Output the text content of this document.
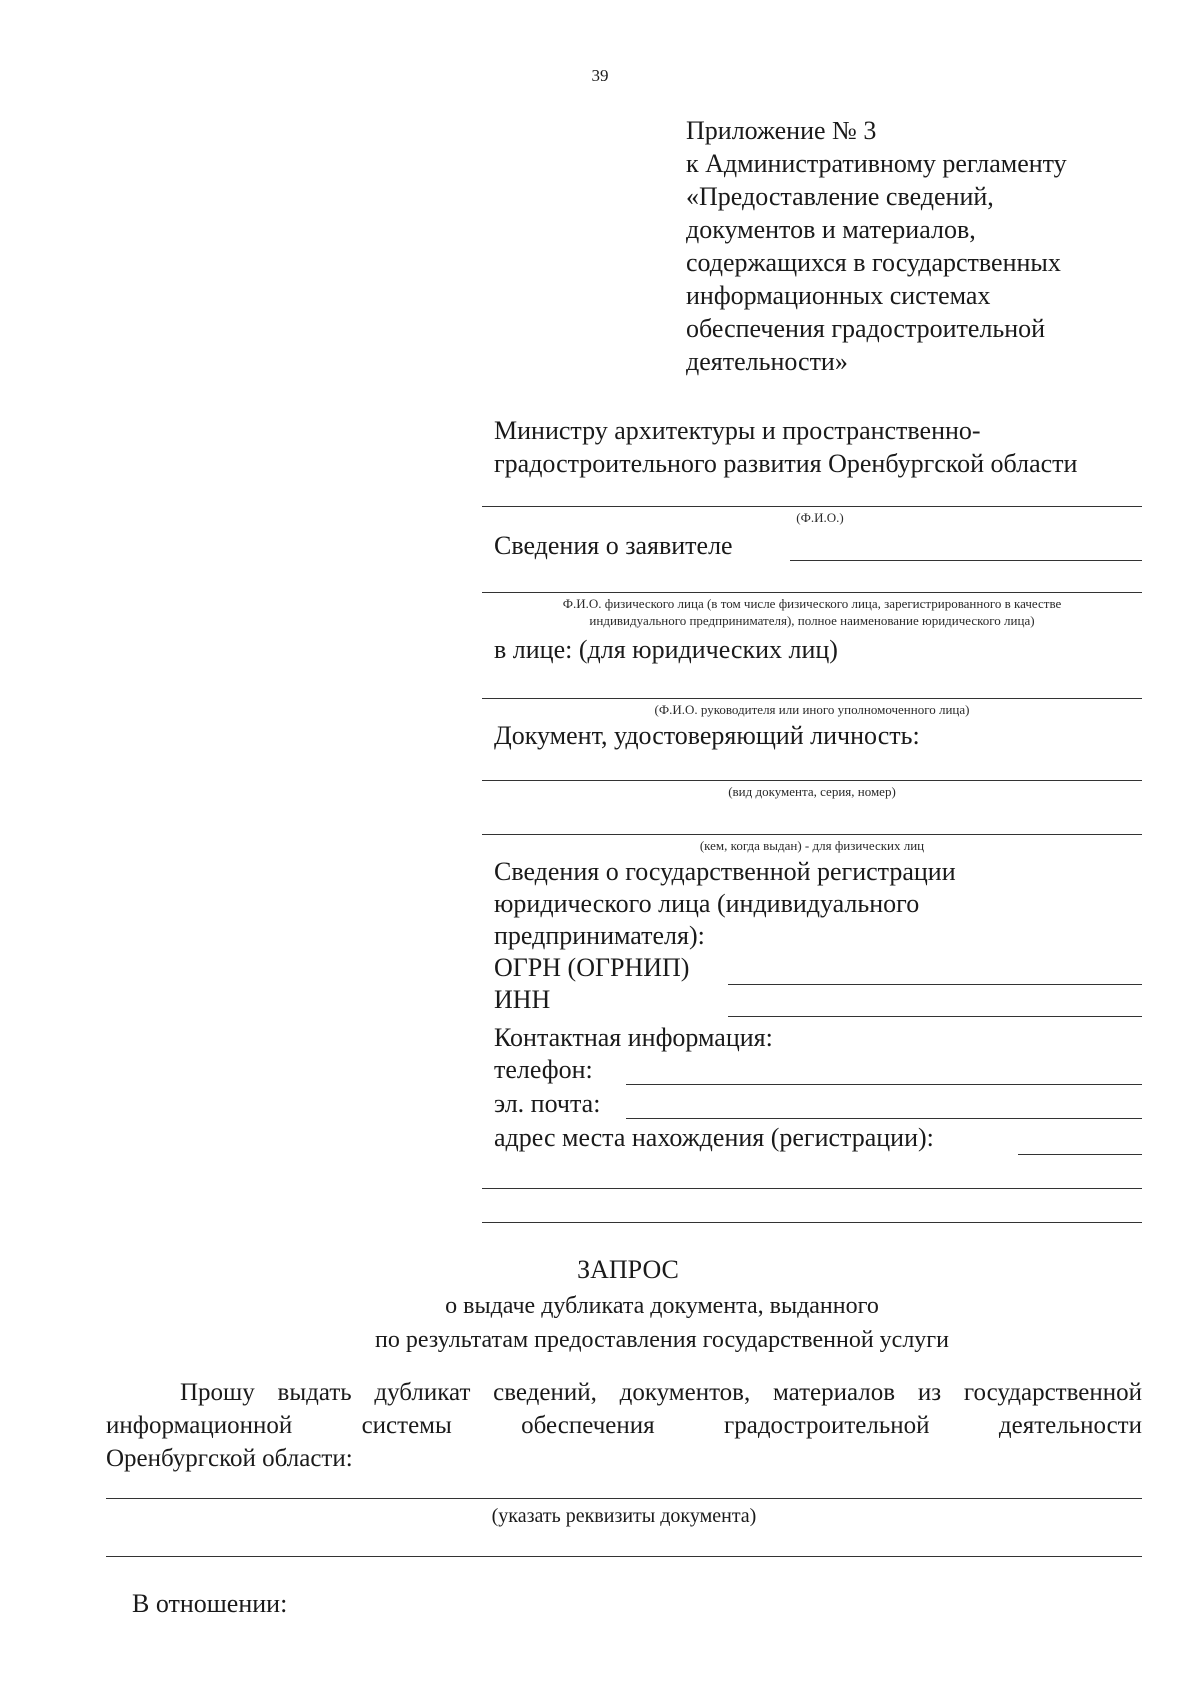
39
Приложение № 3
к Административному регламенту
«Предоставление сведений,
документов и материалов,
содержащихся в государственных
информационных системах
обеспечения градостроительной
деятельности»
Министру архитектуры и пространственно-
градостроительного развития Оренбургской области
(Ф.И.О.)
Сведения о заявителе
Ф.И.О. физического лица (в том числе физического лица, зарегистрированного в качестве
индивидуального предпринимателя), полное наименование юридического лица)
в лице: (для юридических лиц)
(Ф.И.О. руководителя или иного уполномоченного лица)
Документ, удостоверяющий личность:
(вид документа, серия, номер)
(кем, когда выдан) - для физических лиц
Сведения о государственной регистрации
юридического лица (индивидуального
предпринимателя):
ОГРН (ОГРНИП)
ИНН
Контактная информация:
телефон:
эл. почта:
адрес места нахождения (регистрации):
ЗАПРОС
о выдаче дубликата документа, выданного
по результатам предоставления государственной услуги
Прошу выдать дубликат сведений, документов, материалов из государственной
информационной системы обеспечения градостроительной деятельности
Оренбургской области:
(указать реквизиты документа)
В отношении:
